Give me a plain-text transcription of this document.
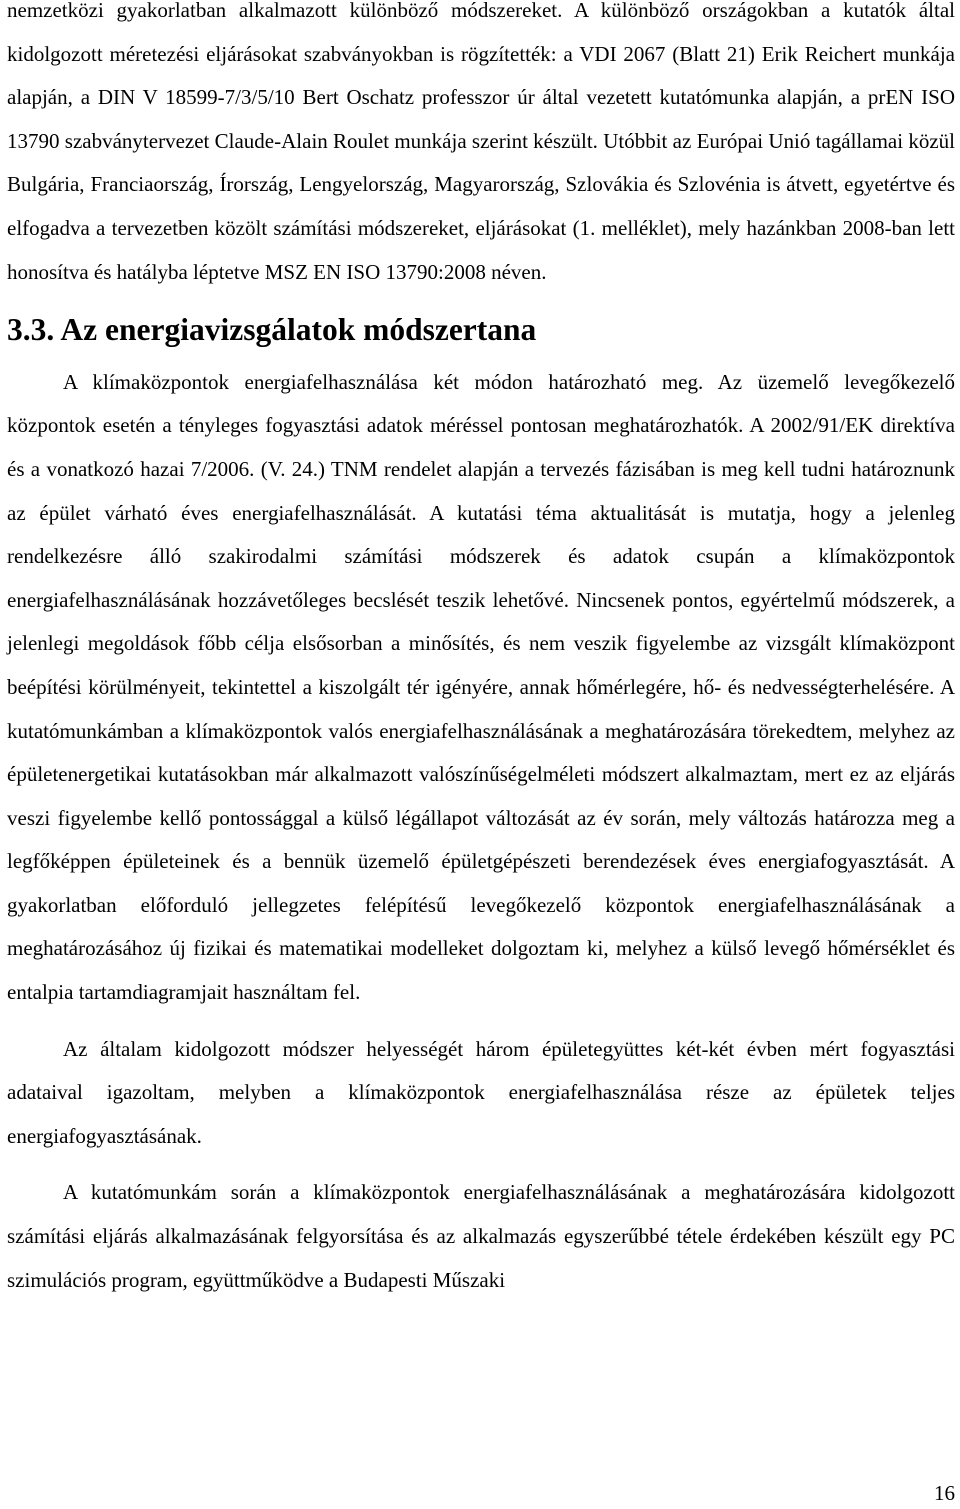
nemzetközi gyakorlatban alkalmazott különböző módszereket. A különböző országokban a kutatók által kidolgozott méretezési eljárásokat szabványokban is rögzítették: a VDI 2067 (Blatt 21) Erik Reichert munkája alapján, a DIN V 18599-7/3/5/10 Bert Oschatz professzor úr által vezetett kutatómunka alapján, a prEN ISO 13790 szabványtervezet Claude-Alain Roulet munkája szerint készült. Utóbbit az Európai Unió tagállamai közül Bulgária, Franciaország, Írország, Lengyelország, Magyarország, Szlovákia és Szlovénia is átvett, egyetértve és elfogadva a tervezetben közölt számítási módszereket, eljárásokat (1. melléklet), mely hazánkban 2008-ban lett honosítva és hatályba léptetve MSZ EN ISO 13790:2008 néven.

3.3. Az energiavizsgálatok módszertana

A klímaközpontok energiafelhasználása két módon határozható meg. Az üzemelő levegőkezelő központok esetén a tényleges fogyasztási adatok méréssel pontosan meghatározhatók. A 2002/91/EK direktíva és a vonatkozó hazai 7/2006. (V. 24.) TNM rendelet alapján a tervezés fázisában is meg kell tudni határoznunk az épület várható éves energiafelhasználását. A kutatási téma aktualitását is mutatja, hogy a jelenleg rendelkezésre álló szakirodalmi számítási módszerek és adatok csupán a klímaközpontok energiafelhasználásának hozzávetőleges becslését teszik lehetővé. Nincsenek pontos, egyértelmű módszerek, a jelenlegi megoldások főbb célja elsősorban a minősítés, és nem veszik figyelembe az vizsgált klímaközpont beépítési körülményeit, tekintettel a kiszolgált tér igényére, annak hőmérlegére, hő- és nedvességterhelésére. A kutatómunkámban a klímaközpontok valós energiafelhasználásának a meghatározására törekedtem, melyhez az épületenergetikai kutatásokban már alkalmazott valószínűségelméleti módszert alkalmaztam, mert ez az eljárás veszi figyelembe kellő pontossággal a külső légállapot változását az év során, mely változás határozza meg a legfőképpen épületeinek és a bennük üzemelő épületgépészeti berendezések éves energiafogyasztását. A gyakorlatban előforduló jellegzetes felépítésű levegőkezelő központok energiafelhasználásának a meghatározásához új fizikai és matematikai modelleket dolgoztam ki, melyhez a külső levegő hőmérséklet és entalpia tartamdiagramjait használtam fel.

Az általam kidolgozott módszer helyességét három épületegyüttes két-két évben mért fogyasztási adataival igazoltam, melyben a klímaközpontok energiafelhasználása része az épületek teljes energiafogyasztásának.

A kutatómunkám során a klímaközpontok energiafelhasználásának a meghatározására kidolgozott számítási eljárás alkalmazásának felgyorsítása és az alkalmazás egyszerűbbé tétele érdekében készült egy PC szimulációs program, együttműködve a Budapesti Műszaki

16
